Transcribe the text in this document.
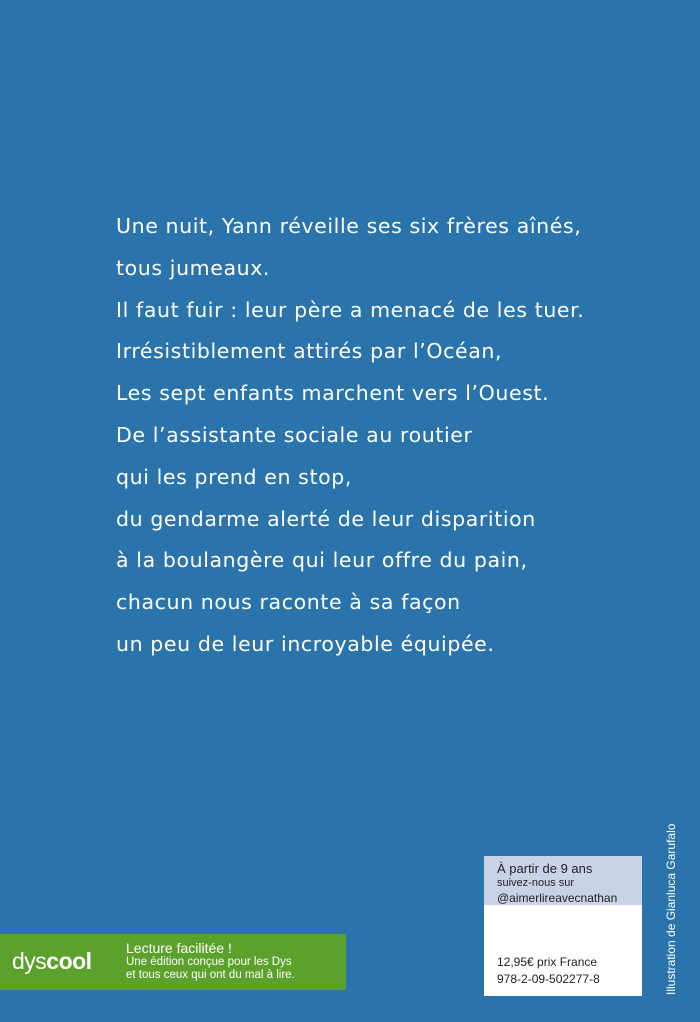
Une nuit, Yann réveille ses six frères aînés,
tous jumeaux.
Il faut fuir : leur père a menacé de les tuer.
Irrésistiblement attirés par l’Océan,
Les sept enfants marchent vers l’Ouest.
De l’assistante sociale au routier
qui les prend en stop,
du gendarme alerté de leur disparition
à la boulangère qui leur offre du pain,
chacun nous raconte à sa façon
un peu de leur incroyable équipée.
Illustration de Gianluca Garufalo
À partir de 9 ans
suivez-nous sur
@aimerlireavecnathan
12,95€ prix France
978-2-09-502277-8
dyscool Lecture facilitée !
Une édition conçue pour les Dys
et tous ceux qui ont du mal à lire.
